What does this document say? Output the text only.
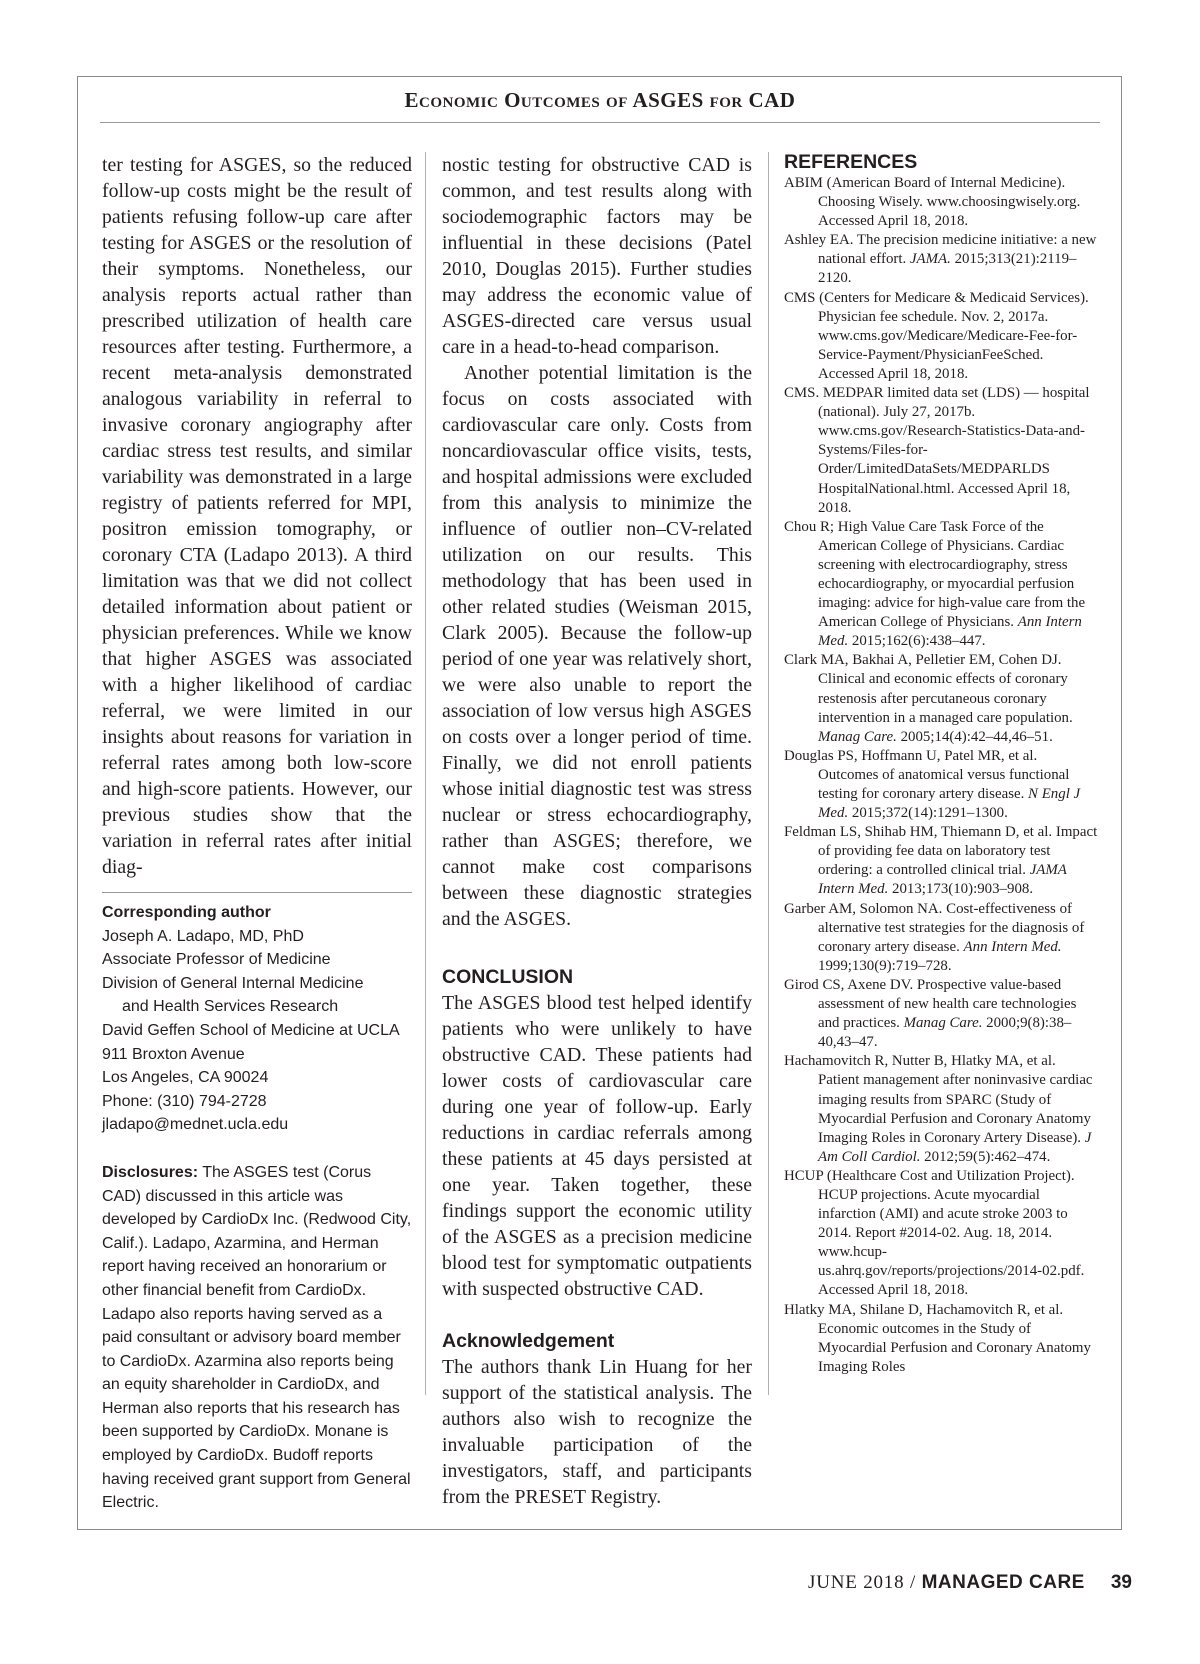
Economic Outcomes of ASGES for CAD

ter testing for ASGES, so the reduced follow-up costs might be the result of patients refusing follow-up care after testing for ASGES or the resolution of their symptoms. Nonetheless, our analysis reports actual rather than prescribed utilization of health care resources after testing. Furthermore, a recent meta-analysis demonstrated analogous variability in referral to invasive coronary angiography after cardiac stress test results, and similar variability was demonstrated in a large registry of patients referred for MPI, positron emission tomography, or coronary CTA (Ladapo 2013). A third limitation was that we did not collect detailed information about patient or physician preferences. While we know that higher ASGES was associated with a higher likelihood of cardiac referral, we were limited in our insights about reasons for variation in referral rates among both low-score and high-score patients. However, our previous studies show that the variation in referral rates after initial diag-

Corresponding author
Joseph A. Ladapo, MD, PhD
Associate Professor of Medicine
Division of General Internal Medicine
and Health Services Research
David Geffen School of Medicine at UCLA
911 Broxton Avenue
Los Angeles, CA 90024
Phone: (310) 794-2728
jladapo@mednet.ucla.edu
Disclosures: The ASGES test (Corus CAD) discussed in this article was developed by CardioDx Inc. (Redwood City, Calif.). Ladapo, Azarmina, and Herman report having received an honorarium or other financial benefit from CardioDx. Ladapo also reports having served as a paid consultant or advisory board member to CardioDx. Azarmina also reports being an equity shareholder in CardioDx, and Herman also reports that his research has been supported by CardioDx. Monane is employed by CardioDx. Budoff reports having received grant support from General Electric.

nostic testing for obstructive CAD is common, and test results along with sociodemographic factors may be influential in these decisions (Patel 2010, Douglas 2015). Further studies may address the economic value of ASGES-directed care versus usual care in a head-to-head comparison.

Another potential limitation is the focus on costs associated with cardiovascular care only. Costs from noncardiovascular office visits, tests, and hospital admissions were excluded from this analysis to minimize the influence of outlier non–CV-related utilization on our results. This methodology that has been used in other related studies (Weisman 2015, Clark 2005). Because the follow-up period of one year was relatively short, we were also unable to report the association of low versus high ASGES on costs over a longer period of time. Finally, we did not enroll patients whose initial diagnostic test was stress nuclear or stress echocardiography, rather than ASGES; therefore, we cannot make cost comparisons between these diagnostic strategies and the ASGES.

CONCLUSION

The ASGES blood test helped identify patients who were unlikely to have obstructive CAD. These patients had lower costs of cardiovascular care during one year of follow-up. Early reductions in cardiac referrals among these patients at 45 days persisted at one year. Taken together, these findings support the economic utility of the ASGES as a precision medicine blood test for symptomatic outpatients with suspected obstructive CAD.

Acknowledgement

The authors thank Lin Huang for her support of the statistical analysis. The authors also wish to recognize the invaluable participation of the investigators, staff, and participants from the PRESET Registry.

REFERENCES

ABIM (American Board of Internal Medicine). Choosing Wisely. www.choosingwisely.org. Accessed April 18, 2018.

Ashley EA. The precision medicine initiative: a new national effort. JAMA. 2015;313(21):2119–2120.

CMS (Centers for Medicare & Medicaid Services). Physician fee schedule. Nov. 2, 2017a. www.cms.gov/Medicare/Medicare-Fee-for-Service-Payment/PhysicianFeeSched. Accessed April 18, 2018.

CMS. MEDPAR limited data set (LDS) — hospital (national). July 27, 2017b. www.cms.gov/Research-Statistics-Data-and-Systems/Files-for-Order/LimitedDataSets/MEDPARLDS HospitalNational.html. Accessed April 18, 2018.

Chou R; High Value Care Task Force of the American College of Physicians. Cardiac screening with electrocardiography, stress echocardiography, or myocardial perfusion imaging: advice for high-value care from the American College of Physicians. Ann Intern Med. 2015;162(6):438–447.

Clark MA, Bakhai A, Pelletier EM, Cohen DJ. Clinical and economic effects of coronary restenosis after percutaneous coronary intervention in a managed care population. Manag Care. 2005;14(4):42–44,46–51.

Douglas PS, Hoffmann U, Patel MR, et al. Outcomes of anatomical versus functional testing for coronary artery disease. N Engl J Med. 2015;372(14):1291–1300.

Feldman LS, Shihab HM, Thiemann D, et al. Impact of providing fee data on laboratory test ordering: a controlled clinical trial. JAMA Intern Med. 2013;173(10):903–908.

Garber AM, Solomon NA. Cost-effectiveness of alternative test strategies for the diagnosis of coronary artery disease. Ann Intern Med. 1999;130(9):719–728.

Girod CS, Axene DV. Prospective value-based assessment of new health care technologies and practices. Manag Care. 2000;9(8):38–40,43–47.

Hachamovitch R, Nutter B, Hlatky MA, et al. Patient management after noninvasive cardiac imaging results from SPARC (Study of Myocardial Perfusion and Coronary Anatomy Imaging Roles in Coronary Artery Disease). J Am Coll Cardiol. 2012;59(5):462–474.

HCUP (Healthcare Cost and Utilization Project). HCUP projections. Acute myocardial infarction (AMI) and acute stroke 2003 to 2014. Report #2014-02. Aug. 18, 2014. www.hcup-us.ahrq.gov/reports/projections/2014-02.pdf. Accessed April 18, 2018.

Hlatky MA, Shilane D, Hachamovitch R, et al. Economic outcomes in the Study of Myocardial Perfusion and Coronary Anatomy Imaging Roles

JUNE 2018 / MANAGED CARE 39
